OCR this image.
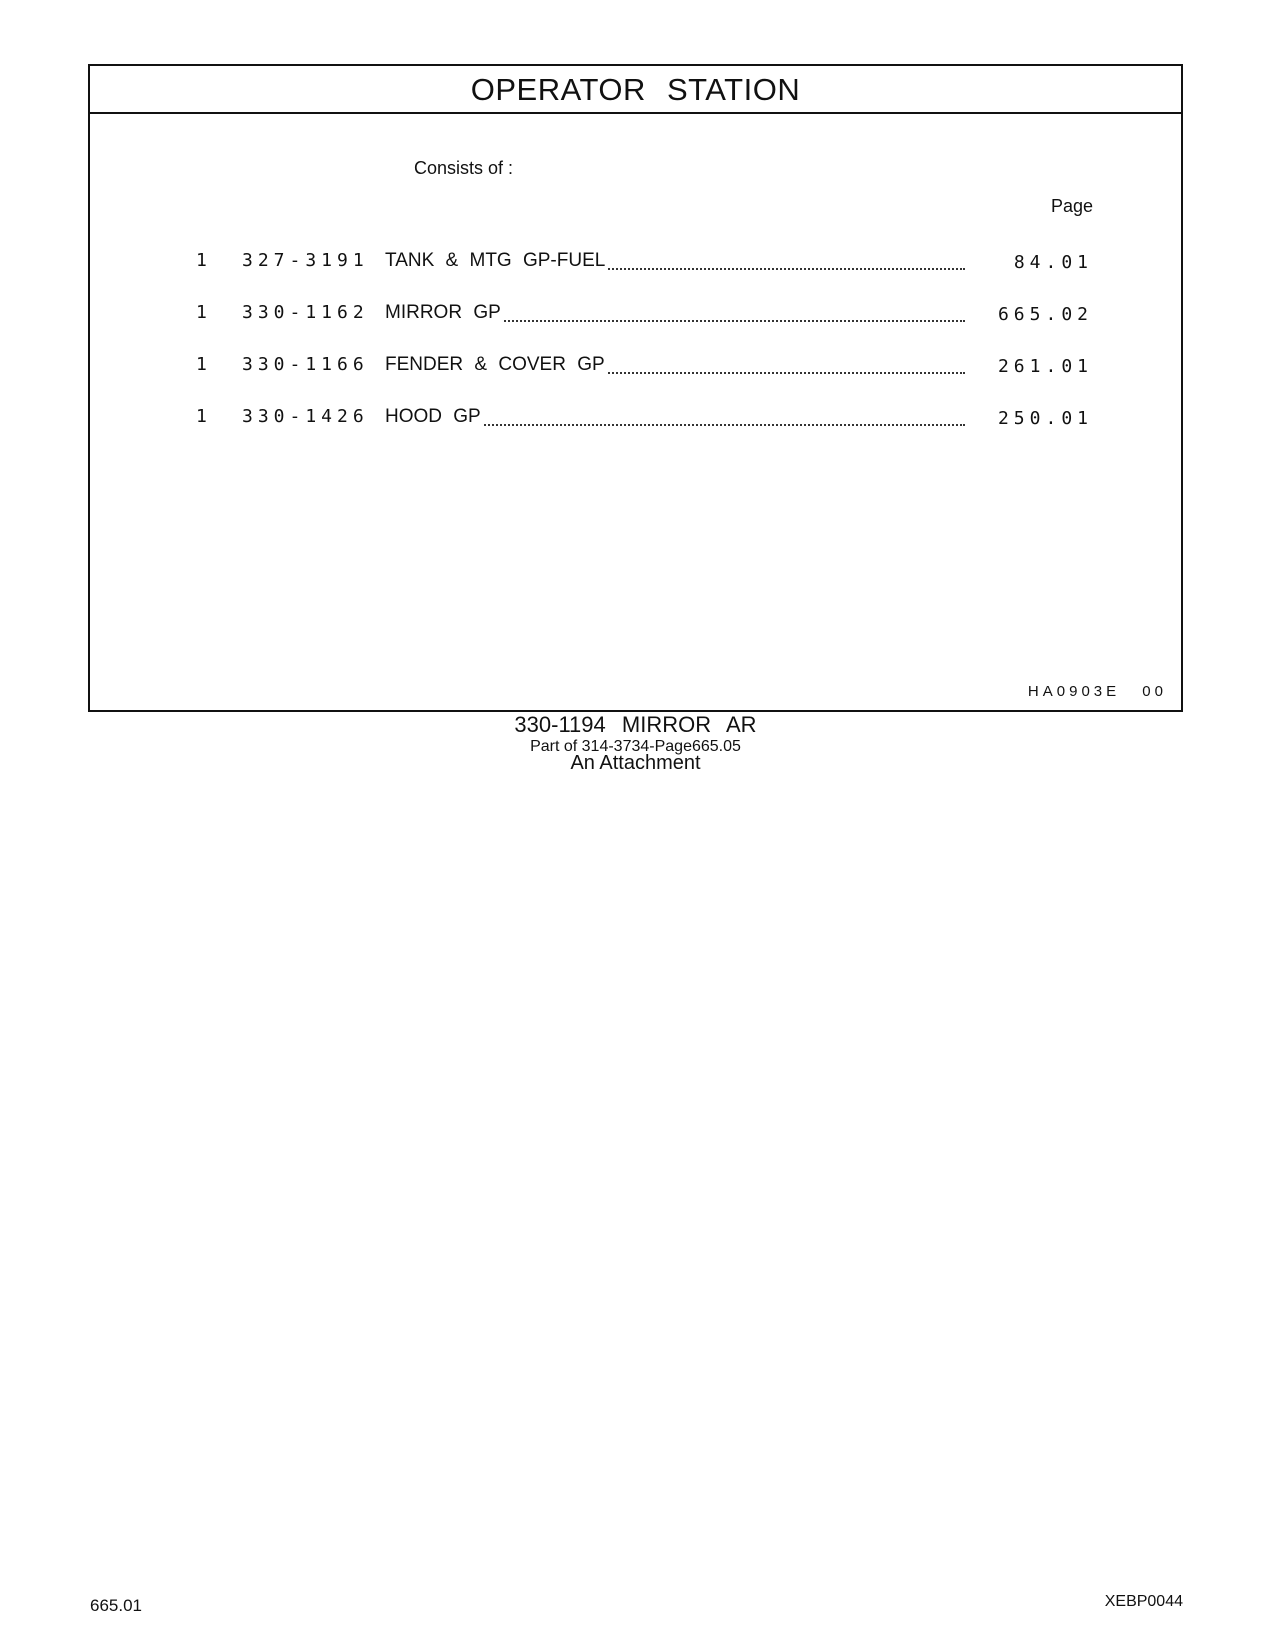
OPERATOR STATION
Consists of :
Page
1 327-3191 TANK & MTG GP-FUEL	84.01
1 330-1162 MIRROR GP	665.02
1 330-1166 FENDER & COVER GP	261.01
1 330-1426 HOOD GP	250.01
HA0903E 00
330-1194 MIRROR AR
Part of 314-3734-Page665.05
An Attachment
665.01	XEBP0044
